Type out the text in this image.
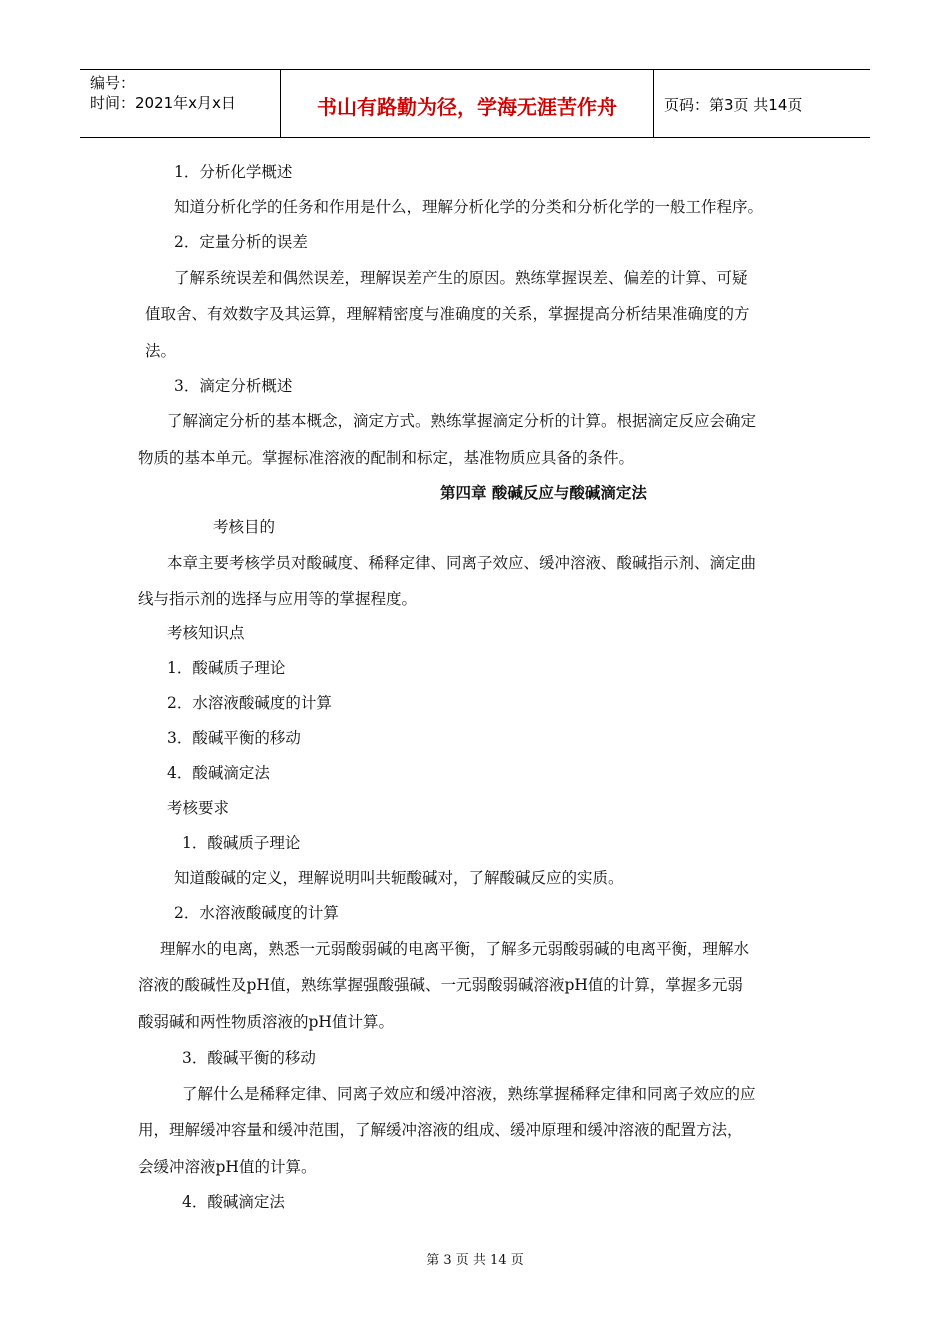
编号：
时间：2021年x月x日	书山有路勤为径，学海无涯苦作舟	页码：第3页 共14页
1．分析化学概述
知道分析化学的任务和作用是什么，理解分析化学的分类和分析化学的一般工作程序。
2．定量分析的误差
了解系统误差和偶然误差，理解误差产生的原因。熟练掌握误差、偏差的计算、可疑
值取舍、有效数字及其运算，理解精密度与准确度的关系，掌握提高分析结果准确度的方
法。
3．滴定分析概述
了解滴定分析的基本概念，滴定方式。熟练掌握滴定分析的计算。根据滴定反应会确定
物质的基本单元。掌握标准溶液的配制和标定，基准物质应具备的条件。
第四章 酸碱反应与酸碱滴定法
考核目的
本章主要考核学员对酸碱度、稀释定律、同离子效应、缓冲溶液、酸碱指示剂、滴定曲
线与指示剂的选择与应用等的掌握程度。
考核知识点
1．酸碱质子理论
2．水溶液酸碱度的计算
3．酸碱平衡的移动
4．酸碱滴定法
考核要求
1．酸碱质子理论
知道酸碱的定义，理解说明叫共轭酸碱对，了解酸碱反应的实质。
2．水溶液酸碱度的计算
理解水的电离，熟悉一元弱酸弱碱的电离平衡，了解多元弱酸弱碱的电离平衡，理解水
溶液的酸碱性及pH值，熟练掌握强酸强碱、一元弱酸弱碱溶液pH值的计算，掌握多元弱
酸弱碱和两性物质溶液的pH值计算。
3．酸碱平衡的移动
了解什么是稀释定律、同离子效应和缓冲溶液，熟练掌握稀释定律和同离子效应的应
用，理解缓冲容量和缓冲范围，了解缓冲溶液的组成、缓冲原理和缓冲溶液的配置方法，
会缓冲溶液pH值的计算。
4．酸碱滴定法
第 3 页 共 14 页
